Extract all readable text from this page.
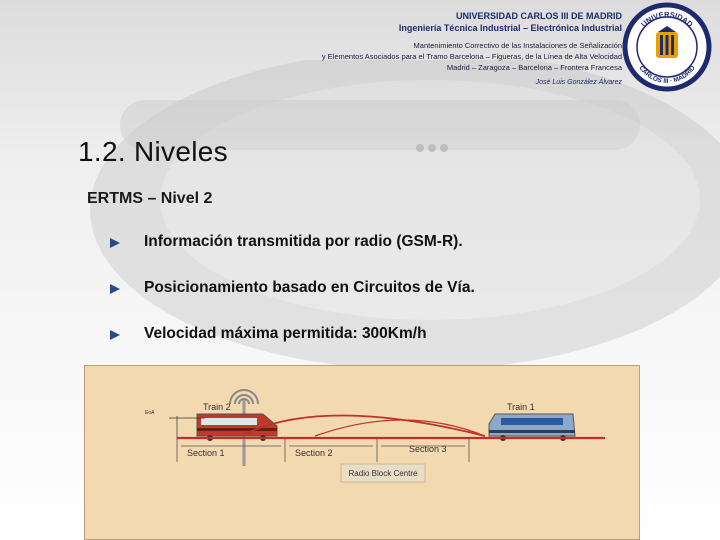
UNIVERSIDAD CARLOS III DE MADRID
Ingeniería Técnica Industrial – Electrónica Industrial
Mantenimiento Correctivo de las Instalaciones de Señalización
y Elementos Asociados para el Tramo Barcelona – Figueras, de la Línea de Alta Velocidad
Madrid – Zaragoza – Barcelona – Frontera Francesa
José Luis González Álvarez
UNIVERSIDAD
CARLOS III · MADRID
1.2. Niveles
ERTMS – Nivel 2
Información transmitida por radio (GSM-R).
Posicionamiento basado en Circuitos de Vía.
Velocidad máxima permitida: 300Km/h
Train 2
EoA
Train 1
Section 1	Section 2	Section 3
Radio Block Centre
